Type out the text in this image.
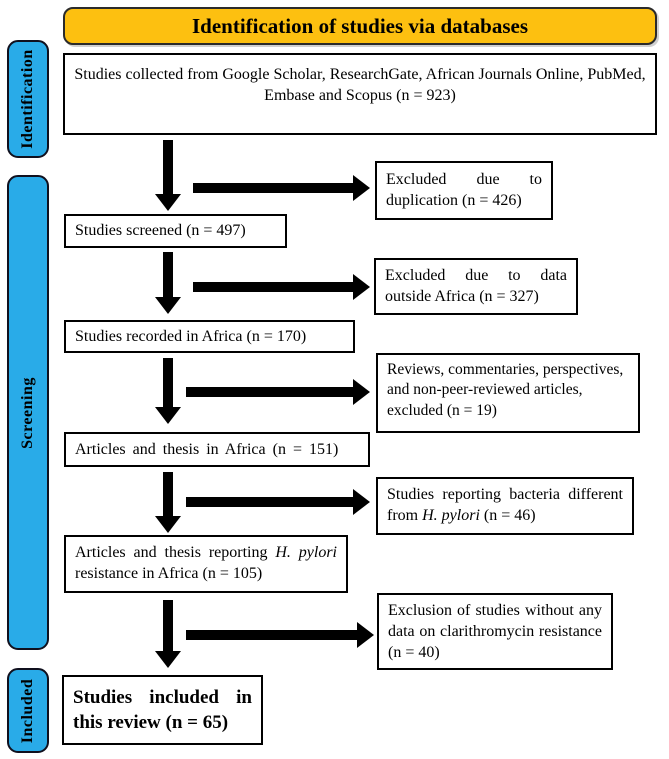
Identification of studies via databases
Identification
Screening
Included
Studies collected from Google Scholar, ResearchGate, African Journals Online, PubMed, Embase and Scopus (n = 923)
Studies screened (n = 497)
Studies recorded in Africa (n = 170)
Articles and thesis in Africa (n = 151)
Articles and thesis reporting H. pylori resistance in Africa (n = 105)
Studies included in this review (n = 65)
Excluded due to duplication (n = 426)
Excluded due to data outside Africa (n = 327)
Reviews, commentaries, perspectives, and non-peer-reviewed articles, excluded (n = 19)
Studies reporting bacteria different from H. pylori (n = 46)
Exclusion of studies without any data on clarithromycin resistance (n = 40)
